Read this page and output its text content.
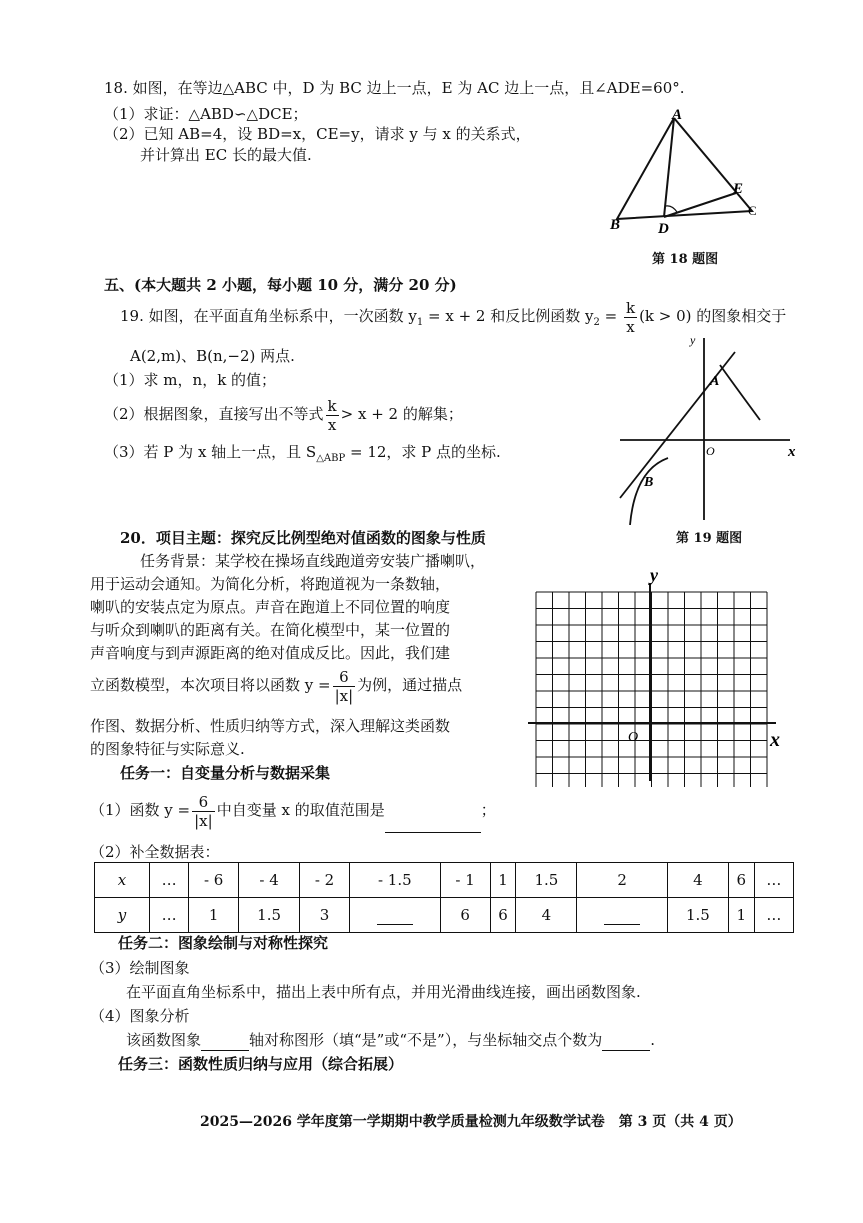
18. 如图，在等边△ABC 中，D 为 BC 边上一点，E 为 AC 边上一点，且∠ADE=60°.
（1）求证：△ABD∽△DCE；
（2）已知 AB=4，设 BD=x，CE=y，请求 y 与 x 的关系式，
并计算出 EC 长的最大值.
A
B	D
E
C
第 18 题图
五、(本大题共 2 小题，每小题 10 分，满分 20 分)
19. 如图，在平面直角坐标系中，一次函数 $y_1 = x + 2$ 和反比例函数 $y_2 = \frac{k}{x} (k > 0)$ 的图象相交于
A(2,m)、B(n,−2) 两点.
（1）求 m，n，k 的值；
（2）根据图象，直接写出不等式 $\frac{k}{x} > x + 2$ 的解集；
（3）若 P 为 x 轴上一点，且 $S_{\triangle ABP} = 12$，求 P 点的坐标.
y
A
O	x
B
第 19 题图
20．项目主题：探究反比例型绝对值函数的图象与性质
任务背景：某学校在操场直线跑道旁安装广播喇叭，
用于运动会通知。为简化分析，将跑道视为一条数轴，
喇叭的安装点定为原点。声音在跑道上不同位置的响度
与听众到喇叭的距离有关。在简化模型中，某一位置的
声音响度与到声源距离的绝对值成反比。因此，我们建
立函数模型，本次项目将以函数 $y = \frac{6}{|x|}$ 为例，通过描点
作图、数据分析、性质归纳等方式，深入理解这类函数
的图象特征与实际意义.
任务一：自变量分析与数据采集
（1）函数 $y = \frac{6}{|x|}$ 中自变量 x 的取值范围是	；
（2）补全数据表：
x	…	- 6	- 4	- 2	- 1.5	- 1	1	1.5	2	4	6	…
y	…	1	1.5	3		6	6	4		1.5	1	…
任务二：图象绘制与对称性探究
（3）绘制图象
在平面直角坐标系中，描出上表中所有点，并用光滑曲线连接，画出函数图象.
（4）图象分析
该函数图象	轴对称图形（填“是”或“不是”），与坐标轴交点个数为	.
任务三：函数性质归纳与应用（综合拓展）
y
x
O
2025—2026 学年度第一学期期中教学质量检测九年级数学试卷　第 3 页（共 4 页）
